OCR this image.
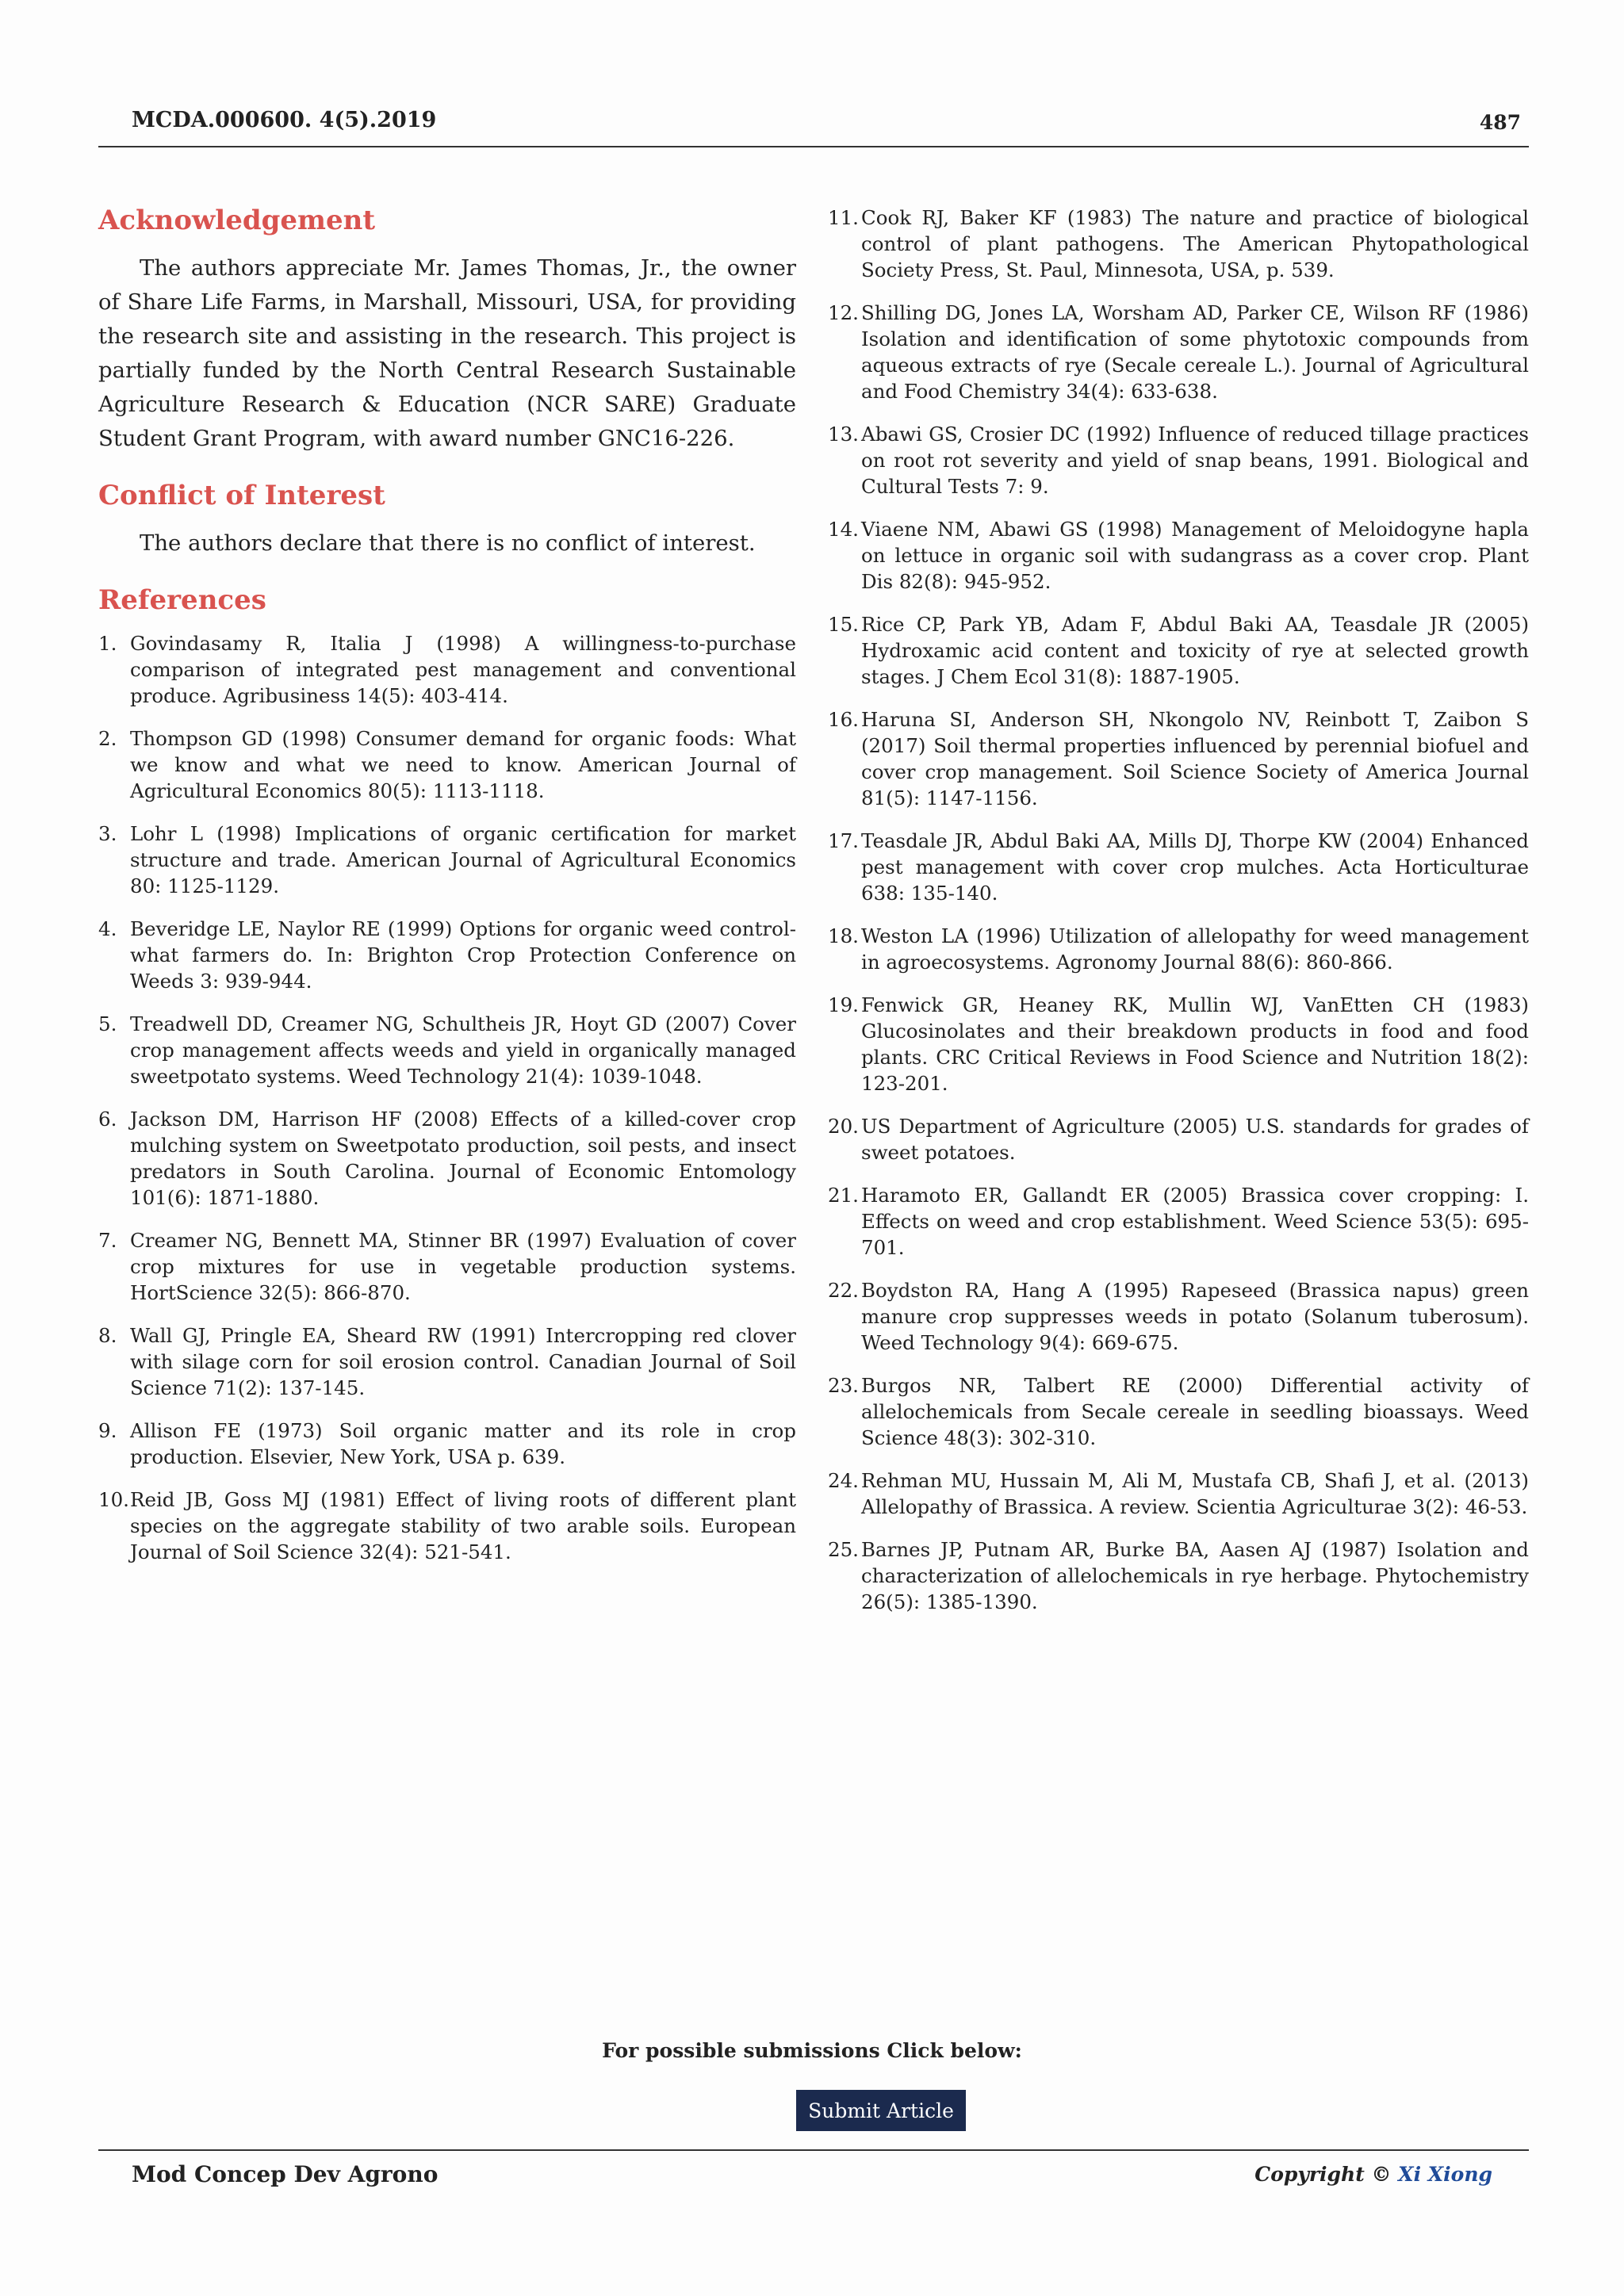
MCDA.000600. 4(5).2019	487
Acknowledgement

The authors appreciate Mr. James Thomas, Jr., the owner of Share Life Farms, in Marshall, Missouri, USA, for providing the research site and assisting in the research. This project is partially funded by the North Central Research Sustainable Agriculture Research & Education (NCR SARE) Graduate Student Grant Program, with award number GNC16-226.

Conflict of Interest

The authors declare that there is no conflict of interest.

References
1. Govindasamy R, Italia J (1998) A willingness-to-purchase comparison of integrated pest management and conventional produce. Agribusiness 14(5): 403-414.
2. Thompson GD (1998) Consumer demand for organic foods: What we know and what we need to know. American Journal of Agricultural Economics 80(5): 1113-1118.
3. Lohr L (1998) Implications of organic certification for market structure and trade. American Journal of Agricultural Economics 80: 1125-1129.
4. Beveridge LE, Naylor RE (1999) Options for organic weed control-what farmers do. In: Brighton Crop Protection Conference on Weeds 3: 939-944.
5. Treadwell DD, Creamer NG, Schultheis JR, Hoyt GD (2007) Cover crop management affects weeds and yield in organically managed sweetpotato systems. Weed Technology 21(4): 1039-1048.
6. Jackson DM, Harrison HF (2008) Effects of a killed-cover crop mulching system on Sweetpotato production, soil pests, and insect predators in South Carolina. Journal of Economic Entomology 101(6): 1871-1880.
7. Creamer NG, Bennett MA, Stinner BR (1997) Evaluation of cover crop mixtures for use in vegetable production systems. HortScience 32(5): 866-870.
8. Wall GJ, Pringle EA, Sheard RW (1991) Intercropping red clover with silage corn for soil erosion control. Canadian Journal of Soil Science 71(2): 137-145.
9. Allison FE (1973) Soil organic matter and its role in crop production. Elsevier, New York, USA p. 639.
10. Reid JB, Goss MJ (1981) Effect of living roots of different plant species on the aggregate stability of two arable soils. European Journal of Soil Science 32(4): 521-541.
11. Cook RJ, Baker KF (1983) The nature and practice of biological control of plant pathogens. The American Phytopathological Society Press, St. Paul, Minnesota, USA, p. 539.
12. Shilling DG, Jones LA, Worsham AD, Parker CE, Wilson RF (1986) Isolation and identification of some phytotoxic compounds from aqueous extracts of rye (Secale cereale L.). Journal of Agricultural and Food Chemistry 34(4): 633-638.
13. Abawi GS, Crosier DC (1992) Influence of reduced tillage practices on root rot severity and yield of snap beans, 1991. Biological and Cultural Tests 7: 9.
14. Viaene NM, Abawi GS (1998) Management of Meloidogyne hapla on lettuce in organic soil with sudangrass as a cover crop. Plant Dis 82(8): 945-952.
15. Rice CP, Park YB, Adam F, Abdul Baki AA, Teasdale JR (2005) Hydroxamic acid content and toxicity of rye at selected growth stages. J Chem Ecol 31(8): 1887-1905.
16. Haruna SI, Anderson SH, Nkongolo NV, Reinbott T, Zaibon S (2017) Soil thermal properties influenced by perennial biofuel and cover crop management. Soil Science Society of America Journal 81(5): 1147-1156.
17. Teasdale JR, Abdul Baki AA, Mills DJ, Thorpe KW (2004) Enhanced pest management with cover crop mulches. Acta Horticulturae 638: 135-140.
18. Weston LA (1996) Utilization of allelopathy for weed management in agroecosystems. Agronomy Journal 88(6): 860-866.
19. Fenwick GR, Heaney RK, Mullin WJ, VanEtten CH (1983) Glucosinolates and their breakdown products in food and food plants. CRC Critical Reviews in Food Science and Nutrition 18(2): 123-201.
20. US Department of Agriculture (2005) U.S. standards for grades of sweet potatoes.
21. Haramoto ER, Gallandt ER (2005) Brassica cover cropping: I. Effects on weed and crop establishment. Weed Science 53(5): 695-701.
22. Boydston RA, Hang A (1995) Rapeseed (Brassica napus) green manure crop suppresses weeds in potato (Solanum tuberosum). Weed Technology 9(4): 669-675.
23. Burgos NR, Talbert RE (2000) Differential activity of allelochemicals from Secale cereale in seedling bioassays. Weed Science 48(3): 302-310.
24. Rehman MU, Hussain M, Ali M, Mustafa CB, Shafi J, et al. (2013) Allelopathy of Brassica. A review. Scientia Agriculturae 3(2): 46-53.
25. Barnes JP, Putnam AR, Burke BA, Aasen AJ (1987) Isolation and characterization of allelochemicals in rye herbage. Phytochemistry 26(5): 1385-1390.
For possible submissions Click below:
Submit Article
Mod Concep Dev Agrono	Copyright © Xi Xiong
